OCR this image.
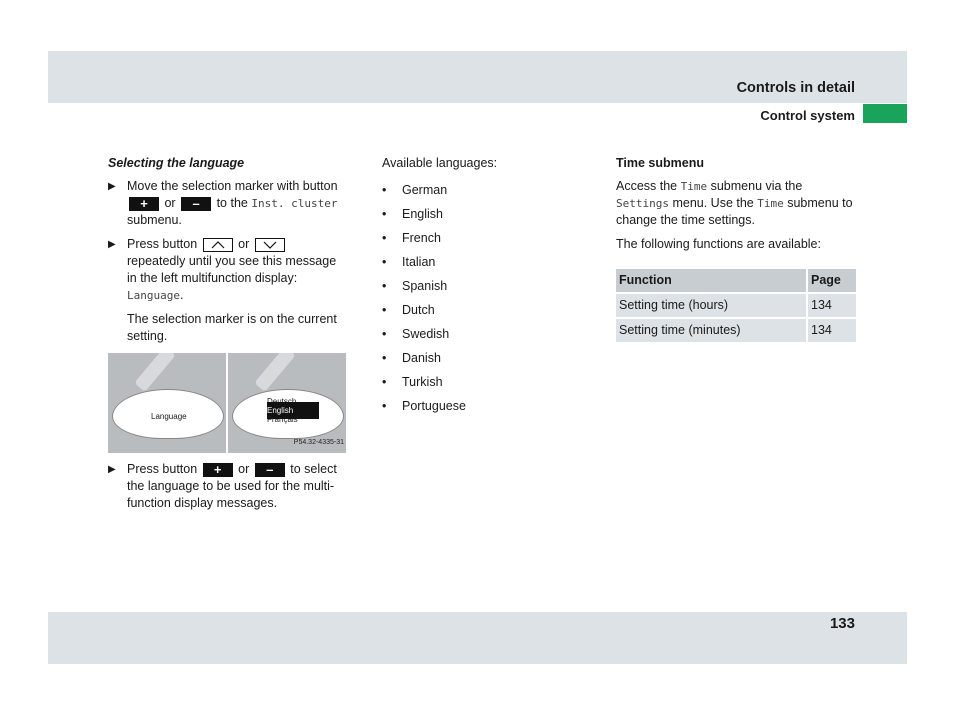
Controls in detail
Control system
Selecting the language
▶ Move the selection marker with button + or – to the Inst. cluster submenu.
▶ Press button	or  repeatedly until you see this message in the left multifunction display: Language.
The selection marker is on the current setting.
Language
English
Français
P54.32-4335-31
▶ Press button + or – to select the language to be used for the multi-function display messages.
Available languages:
• German
• English
• French
• Italian
• Spanish
• Dutch
• Swedish
• Danish
• Turkish
• Portuguese
Time submenu

Access the Time submenu via the Settings menu. Use the Time submenu to change the time settings.

The following functions are available:

Function	Page
Setting time (hours)	134
Setting time (minutes)	134
133
